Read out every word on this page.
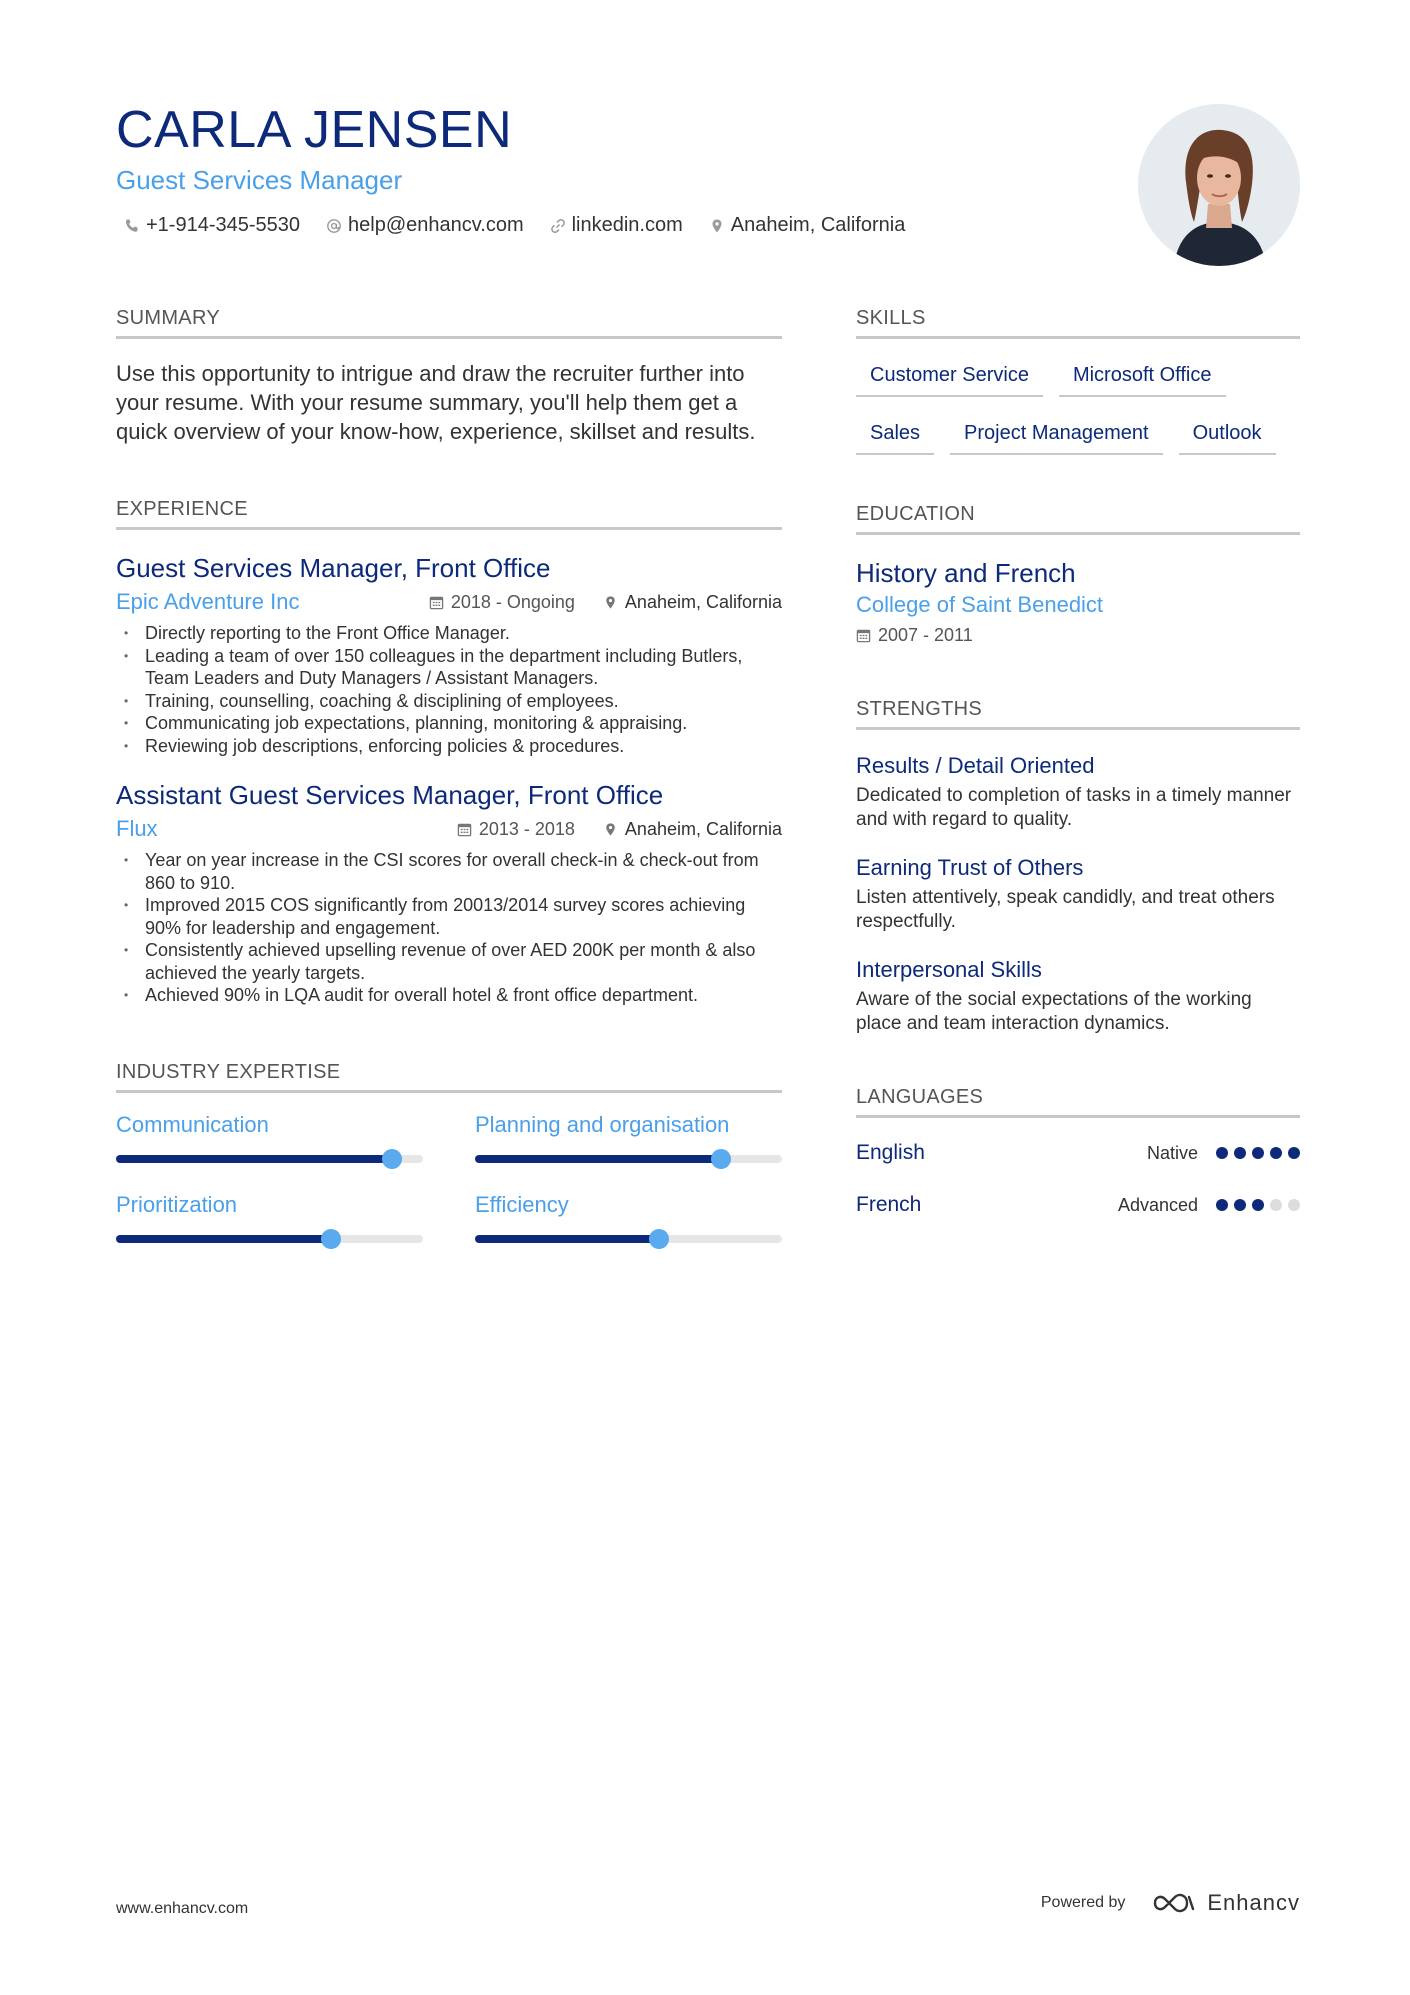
CARLA JENSEN
Guest Services Manager
+1-914-345-5530 help@enhancv.com linkedin.com Anaheim, California
SUMMARY
Use this opportunity to intrigue and draw the recruiter further into your resume. With your resume summary, you'll help them get a quick overview of your know-how, experience, skillset and results.
EXPERIENCE
Guest Services Manager, Front Office
Epic Adventure Inc	2018 - Ongoing	Anaheim, California
• Directly reporting to the Front Office Manager.
• Leading a team of over 150 colleagues in the department including Butlers, Team Leaders and Duty Managers / Assistant Managers.
• Training, counselling, coaching & disciplining of employees.
• Communicating job expectations, planning, monitoring & appraising.
• Reviewing job descriptions, enforcing policies & procedures.
Assistant Guest Services Manager, Front Office
Flux	2013 - 2018	Anaheim, California
• Year on year increase in the CSI scores for overall check-in & check-out from 860 to 910.
• Improved 2015 COS significantly from 20013/2014 survey scores achieving 90% for leadership and engagement.
• Consistently achieved upselling revenue of over AED 200K per month & also achieved the yearly targets.
• Achieved 90% in LQA audit for overall hotel & front office department.
INDUSTRY EXPERTISE
Communication	Planning and organisation
Prioritization	Efficiency
SKILLS
Customer Service	Microsoft Office
Sales	Project Management	Outlook
EDUCATION
History and French
College of Saint Benedict
2007 - 2011
STRENGTHS
Results / Detail Oriented
Dedicated to completion of tasks in a timely manner and with regard to quality.
Earning Trust of Others
Listen attentively, speak candidly, and treat others respectfully.
Interpersonal Skills
Aware of the social expectations of the working place and team interaction dynamics.
LANGUAGES
English	Native
French	Advanced
www.enhancv.com	Powered by	Enhancv
